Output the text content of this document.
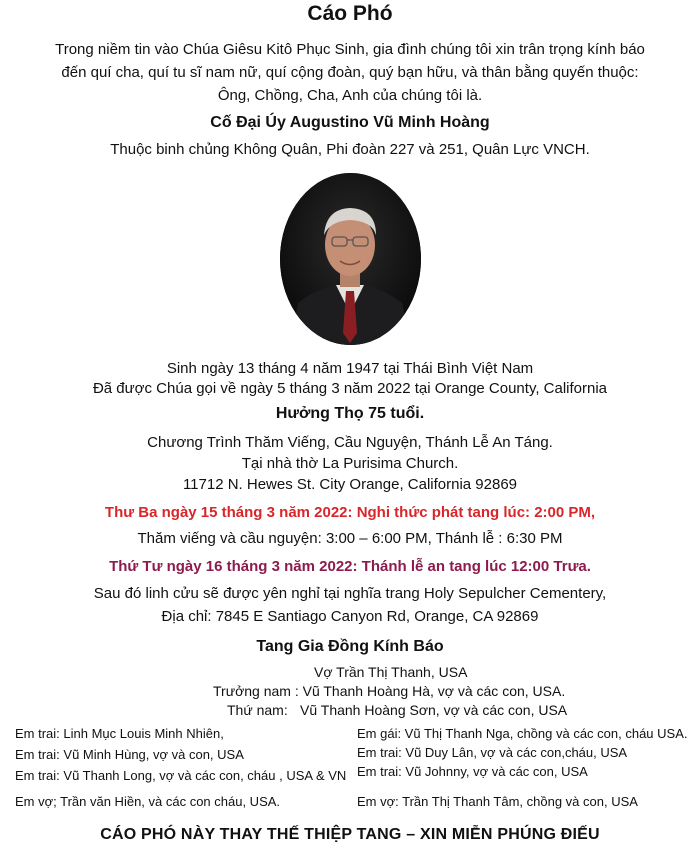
Cáo Phó
Trong niềm tin vào Chúa Giêsu Kitô Phục Sinh, gia đình chúng tôi xin trân trọng kính báo
đến quí cha, quí tu sĩ nam nữ, quí cộng đoàn, quý bạn hữu, và thân bằng quyến thuộc:
Ông, Chồng, Cha, Anh của chúng tôi là.
Cố Đại Úy Augustino Vũ Minh Hoàng
Thuộc binh chủng Không Quân, Phi đoàn 227 và 251, Quân Lực VNCH.
Sinh ngày 13 tháng 4 năm 1947 tại Thái Bình Việt Nam
Đã được Chúa gọi về ngày 5 tháng 3 năm 2022 tại Orange County, California
Hưởng Thọ 75 tuổi.
Chương Trình Thăm Viếng, Cầu Nguyện, Thánh Lễ An Táng.
Tại nhà thờ La Purisima Church.
11712 N. Hewes St. City Orange, California 92869
Thư Ba ngày 15 tháng 3 năm 2022: Nghi thức phát tang lúc: 2:00 PM,
Thăm viếng và cầu nguyện: 3:00 – 6:00 PM, Thánh lễ : 6:30 PM
Thứ Tư ngày 16 tháng 3 năm 2022: Thánh lễ an tang lúc 12:00 Trưa.
Sau đó linh cửu sẽ được yên nghỉ tại nghĩa trang Holy Sepulcher Cementery,
Địa chỉ: 7845 E Santiago Canyon Rd, Orange, CA 92869
Tang Gia Đồng Kính Báo
Vợ Trần Thị Thanh, USA
Trưởng nam : Vũ Thanh Hoàng Hà, vợ và các con, USA.
Thứ nam: Vũ Thanh Hoàng Sơn, vợ và các con, USA
Em trai: Linh Mục Louis Minh Nhiên,
Em trai: Vũ Minh Hùng, vợ và con, USA
Em trai: Vũ Thanh Long, vợ và các con, cháu , USA & VN
Em vợ; Trần văn Hiền, và các con cháu, USA.
Em gái: Vũ Thị Thanh Nga, chồng và các con, cháu USA.
Em trai: Vũ Duy Lân, vợ và các con,cháu, USA
Em trai: Vũ Johnny, vợ và các con, USA
Em vợ: Trần Thị Thanh Tâm, chồng và con, USA
CÁO PHÓ NÀY THAY THẾ THIỆP TANG – XIN MIỄN PHÚNG ĐIẾU
